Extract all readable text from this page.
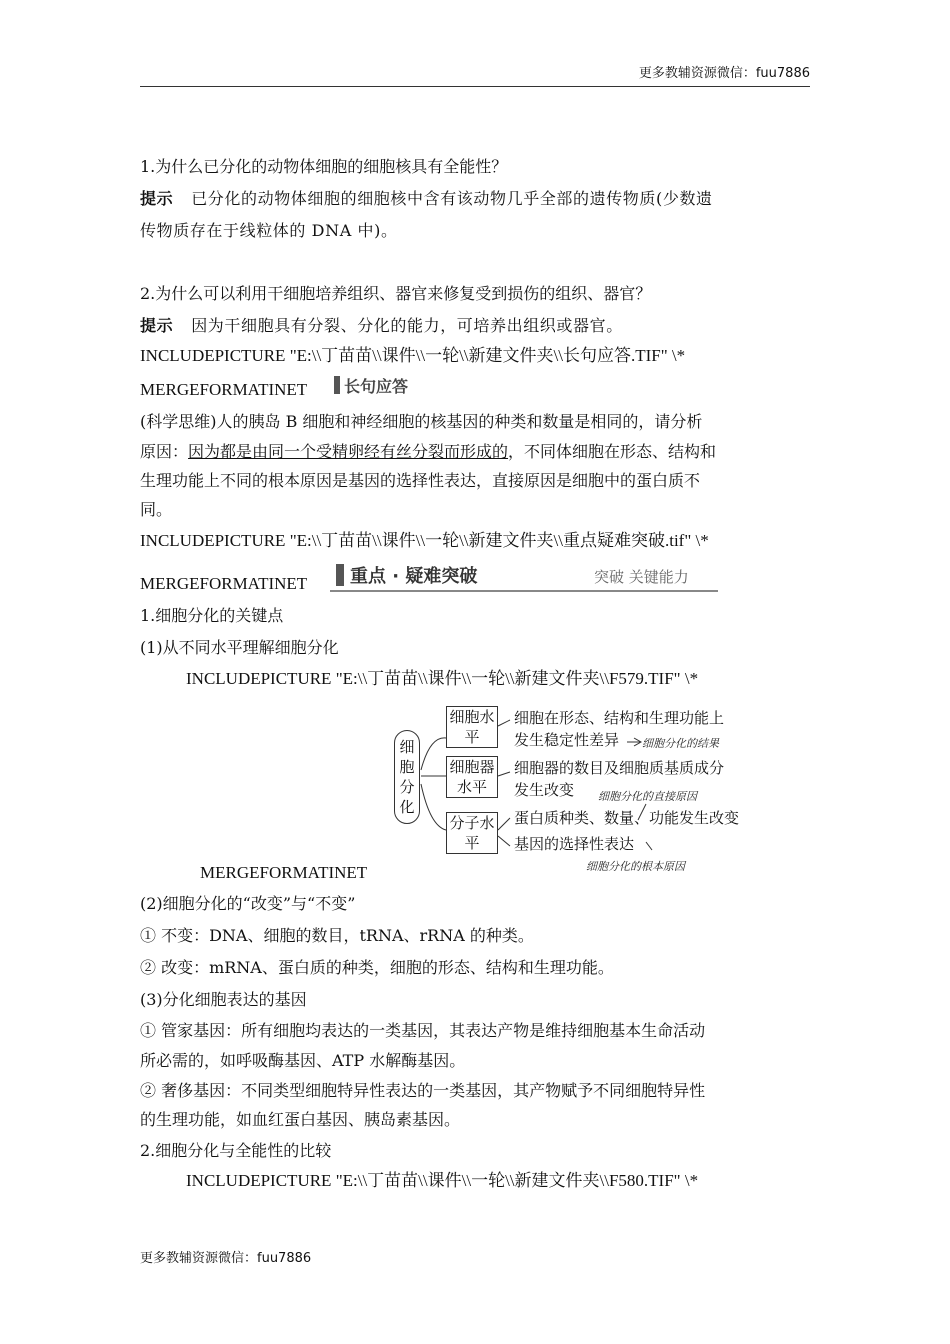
更多教辅资源微信：fuu7886
1.为什么已分化的动物体细胞的细胞核具有全能性？
提示 已分化的动物体细胞的细胞核中含有该动物几乎全部的遗传物质(少数遗
传物质存在于线粒体的 DNA 中)。
2.为什么可以利用干细胞培养组织、器官来修复受到损伤的组织、器官？
提示 因为干细胞具有分裂、分化的能力，可培养出组织或器官。
INCLUDEPICTURE "E:\\丁苗苗\\课件\\一轮\\新建文件夹\\长句应答.TIF" \*
MERGEFORMATINET	长句应答
(科学思维)人的胰岛 B 细胞和神经细胞的核基因的种类和数量是相同的，请分析
原因：因为都是由同一个受精卵经有丝分裂而形成的，不同体细胞在形态、结构和
生理功能上不同的根本原因是基因的选择性表达，直接原因是细胞中的蛋白质不
同。
INCLUDEPICTURE "E:\\丁苗苗\\课件\\一轮\\新建文件夹\\重点疑难突破.tif" \*
MERGEFORMATINET	重点 · 疑难突破	突破 关键能力
1.细胞分化的关键点
(1)从不同水平理解细胞分化
INCLUDEPICTURE "E:\\丁苗苗\\课件\\一轮\\新建文件夹\\F579.TIF" \*
细胞分化
细胞水平
细胞器水平
分子水平
细胞在形态、结构和生理功能上
发生稳定性差异 细胞分化的结果
细胞器的数目及细胞质基质成分
发生改变 细胞分化的直接原因
蛋白质种类、数量、功能发生改变
基因的选择性表达
细胞分化的根本原因
MERGEFORMATINET
(2)细胞分化的“改变”与“不变”
① 不变：DNA、细胞的数目，tRNA、rRNA 的种类。
② 改变：mRNA、蛋白质的种类，细胞的形态、结构和生理功能。
(3)分化细胞表达的基因
① 管家基因：所有细胞均表达的一类基因，其表达产物是维持细胞基本生命活动
所必需的，如呼吸酶基因、ATP 水解酶基因。
② 奢侈基因：不同类型细胞特异性表达的一类基因，其产物赋予不同细胞特异性
的生理功能，如血红蛋白基因、胰岛素基因。
2.细胞分化与全能性的比较
INCLUDEPICTURE "E:\\丁苗苗\\课件\\一轮\\新建文件夹\\F580.TIF" \*
更多教辅资源微信：fuu7886
